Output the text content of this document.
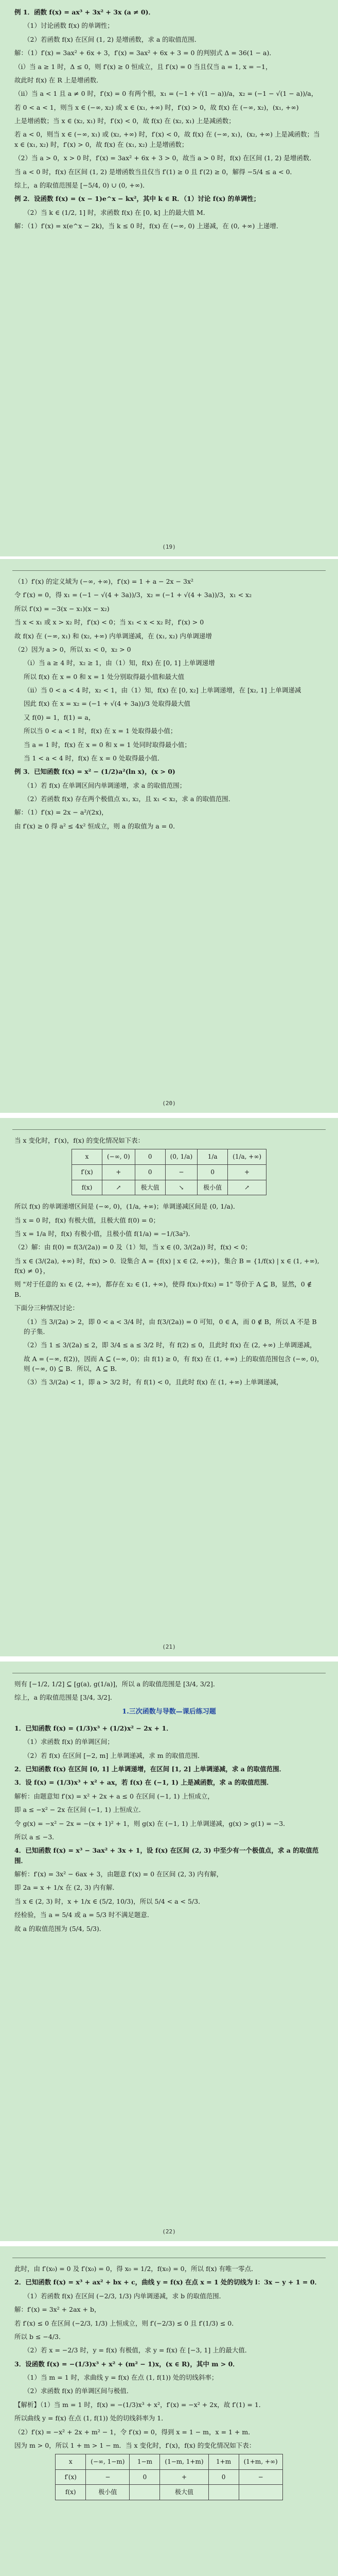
例 1．函数 f(x) = ax³ + 3x² + 3x (a ≠ 0)．

（1）讨论函数 f(x) 的单调性；

（2）若函数 f(x) 在区间 (1, 2) 是增函数，求 a 的取值范围．

解：（1）f′(x) = 3ax² + 6x + 3，f′(x) = 3ax² + 6x + 3 = 0 的判别式 Δ = 36(1 − a)．

（i）当 a ≥ 1 时，Δ ≤ 0，则 f′(x) ≥ 0 恒成立，且 f′(x) = 0 当且仅当 a = 1, x = −1，

故此时 f(x) 在 R 上是增函数．

（ii）当 a < 1 且 a ≠ 0 时，f′(x) = 0 有两个根，x₁ = (−1 + √(1 − a))/a，x₂ = (−1 − √(1 − a))/a，

若 0 < a < 1，则当 x ∈ (−∞, x₂) 或 x ∈ (x₁, +∞) 时，f′(x) > 0，故 f(x) 在 (−∞, x₂)，(x₁, +∞)

上是增函数；当 x ∈ (x₂, x₁) 时，f′(x) < 0，故 f(x) 在 (x₂, x₁) 上是减函数；

若 a < 0，则当 x ∈ (−∞, x₁) 或 (x₂, +∞) 时，f′(x) < 0，故 f(x) 在 (−∞, x₁)，(x₂, +∞) 上是减函数；当 x ∈ (x₁, x₂) 时，f′(x) > 0，故 f(x) 在 (x₁, x₂) 上是增函数；

（2）当 a > 0，x > 0 时，f′(x) = 3ax² + 6x + 3 > 0，故当 a > 0 时，f(x) 在区间 (1, 2) 是增函数．

当 a < 0 时，f(x) 在区间 (1, 2) 是增函数当且仅当 f′(1) ≥ 0 且 f′(2) ≥ 0，解得 −5/4 ≤ a < 0．

综上，a 的取值范围是 [−5/4, 0) ∪ (0, +∞)．

例 2．设函数 f(x) = (x − 1)e^x − kx²，其中 k ∈ R．（1）讨论 f(x) 的单调性；

（2）当 k ∈ (1/2, 1] 时，求函数 f(x) 在 [0, k] 上的最大值 M．

解：（1）f′(x) = x(e^x − 2k)，当 k ≤ 0 时，f(x) 在 (−∞, 0) 上递减，在 (0, +∞) 上递增．

(19)

（1）f′(x) 的定义域为 (−∞, +∞)，f′(x) = 1 + a − 2x − 3x²

令 f′(x) = 0，得 x₁ = (−1 − √(4 + 3a))/3，x₂ = (−1 + √(4 + 3a))/3，x₁ < x₂

所以 f′(x) = −3(x − x₁)(x − x₂)

当 x < x₁ 或 x > x₂ 时，f′(x) < 0；当 x₁ < x < x₂ 时，f′(x) > 0

故 f(x) 在 (−∞, x₁) 和 (x₂, +∞) 内单调递减，在 (x₁, x₂) 内单调递增

（2）因为 a > 0，所以 x₁ < 0，x₂ > 0

（i）当 a ≥ 4 时，x₂ ≥ 1，由（1）知，f(x) 在 [0, 1] 上单调递增

所以 f(x) 在 x = 0 和 x = 1 处分别取得最小值和最大值

（ii）当 0 < a < 4 时，x₂ < 1，由（1）知，f(x) 在 [0, x₂] 上单调递增，在 [x₂, 1] 上单调递减

因此 f(x) 在 x = x₂ = (−1 + √(4 + 3a))/3 处取得最大值

又 f(0) = 1，f(1) = a，

所以当 0 < a < 1 时，f(x) 在 x = 1 处取得最小值；

当 a = 1 时，f(x) 在 x = 0 和 x = 1 处同时取得最小值；

当 1 < a < 4 时，f(x) 在 x = 0 处取得最小值．

例 3．已知函数 f(x) = x² − (1/2)a²(ln x)，(x > 0)

（1）若 f(x) 在单调区间内单调递增，求 a 的取值范围；

（2）若函数 f(x) 存在两个极值点 x₁, x₂，且 x₁ < x₂，求 a 的取值范围．

解：（1）f′(x) = 2x − a²/(2x)，

由 f′(x) ≥ 0 得 a² ≤ 4x² 恒成立，则 a 的取值为 a = 0．

(20)

当 x 变化时，f′(x)，f(x) 的变化情况如下表：

x	(−∞, 0)	0	(0, 1/a)	1/a	(1/a, +∞)
f′(x)	+	0	−	0	+
f(x)	↗	极大值	↘	极小值	↗

所以 f(x) 的单调递增区间是 (−∞, 0)，(1/a, +∞)；单调递减区间是 (0, 1/a)．

当 x = 0 时，f(x) 有极大值，且极大值 f(0) = 0；

当 x = 1/a 时，f(x) 有极小值，且极小值 f(1/a) = −1/(3a²)．

（2）解：由 f(0) = f(3/(2a)) = 0 及（1）知，当 x ∈ (0, 3/(2a)) 时，f(x) < 0；

当 x ∈ (3/(2a), +∞) 时，f(x) > 0．设集合 A = {f(x) | x ∈ (2, +∞)}，集合 B = {1/f(x) | x ∈ (1, +∞), f(x) ≠ 0}，

则 "对于任意的 x₁ ∈ (2, +∞)，都存在 x₂ ∈ (1, +∞)，使得 f(x₁)·f(x₂) = 1" 等价于 A ⊆ B，显然，0 ∉ B．

下面分三种情况讨论：

（1）当 3/(2a) > 2，即 0 < a < 3/4 时，由 f(3/(2a)) = 0 可知，0 ∈ A，而 0 ∉ B，所以 A 不是 B 的子集．

（2）当 1 ≤ 3/(2a) ≤ 2，即 3/4 ≤ a ≤ 3/2 时，有 f(2) ≤ 0，且此时 f(x) 在 (2, +∞) 上单调递减，

故 A = (−∞, f(2))，因而 A ⊆ (−∞, 0)；由 f(1) ≥ 0，有 f(x) 在 (1, +∞) 上的取值范围包含 (−∞, 0)，则 (−∞, 0) ⊆ B．所以，A ⊆ B．

（3）当 3/(2a) < 1，即 a > 3/2 时，有 f(1) < 0，且此时 f(x) 在 (1, +∞) 上单调递减，

(21)

则有 [−1/2, 1/2] ⊆ [g(a), g(1/a)]，所以 a 的取值范围是 [3/4, 3/2]．

综上，a 的取值范围是 [3/4, 3/2]．

1.三次函数与导数—课后练习题

1．已知函数 f(x) = (1/3)x³ + (1/2)x² − 2x + 1．

（1）求函数 f(x) 的单调区间；

（2）若 f(x) 在区间 [−2, m] 上单调递减，求 m 的取值范围．

2．已知函数 f(x) 在区间 [0, 1] 上单调递增，在区间 [1, 2] 上单调递减，求 a 的取值范围．

3．设 f(x) = (1/3)x³ + x² + ax，若 f(x) 在 (−1, 1) 上是减函数，求 a 的取值范围．

解析：由题意知 f′(x) = x² + 2x + a ≤ 0 在区间 (−1, 1) 上恒成立，

即 a ≤ −x² − 2x 在区间 (−1, 1) 上恒成立．

令 g(x) = −x² − 2x = −(x + 1)² + 1，则 g(x) 在 (−1, 1) 上单调递减，g(x) > g(1) = −3．

所以 a ≤ −3．

4．已知函数 f(x) = x³ − 3ax² + 3x + 1，设 f(x) 在区间 (2, 3) 中至少有一个极值点，求 a 的取值范围．

解析：f′(x) = 3x² − 6ax + 3，由题意 f′(x) = 0 在区间 (2, 3) 内有解，

即 2a = x + 1/x 在 (2, 3) 内有解．

当 x ∈ (2, 3) 时，x + 1/x ∈ (5/2, 10/3)，所以 5/4 < a < 5/3．

经检验，当 a = 5/4 或 a = 5/3 时不满足题意．

故 a 的取值范围为 (5/4, 5/3)．

(22)

此时，由 f′(x₀) = 0 及 f′(x₀) = 0，得 x₀ = 1/2，f(x₀) = 0，所以 f(x) 有唯一零点．

2．已知函数 f(x) = x³ + ax² + bx + c，曲线 y = f(x) 在点 x = 1 处的切线为 l：3x − y + 1 = 0．

（1）若函数 f(x) 在区间 (−2/3, 1/3) 内单调递减，求 b 的取值范围．

解：f′(x) = 3x² + 2ax + b，

若 f′(x) ≤ 0 在区间 (−2/3, 1/3) 上恒成立，则 f′(−2/3) ≤ 0 且 f′(1/3) ≤ 0．

所以 b ≤ −4/3．

（2）若 x = −2/3 时，y = f(x) 有极值，求 y = f(x) 在 [−3, 1] 上的最大值．

3．设函数 f(x) = −(1/3)x³ + x² + (m² − 1)x，(x ∈ R)，其中 m > 0．

（1）当 m = 1 时，求曲线 y = f(x) 在点 (1, f(1)) 处的切线斜率；

（2）求函数 f(x) 的单调区间与极值．

【解析】（1）当 m = 1 时，f(x) = −(1/3)x³ + x²，f′(x) = −x² + 2x，故 f′(1) = 1．

所以曲线 y = f(x) 在点 (1, f(1)) 处的切线斜率为 1．

（2）f′(x) = −x² + 2x + m² − 1，令 f′(x) = 0，得到 x = 1 − m，x = 1 + m．

因为 m > 0，所以 1 + m > 1 − m．当 x 变化时，f′(x)，f(x) 的变化情况如下表：

x	(−∞, 1−m)	1−m	(1−m, 1+m)	1+m	(1+m, +∞)
f′(x)	−	0	+	0	−
f(x)	极小值		极大值		
